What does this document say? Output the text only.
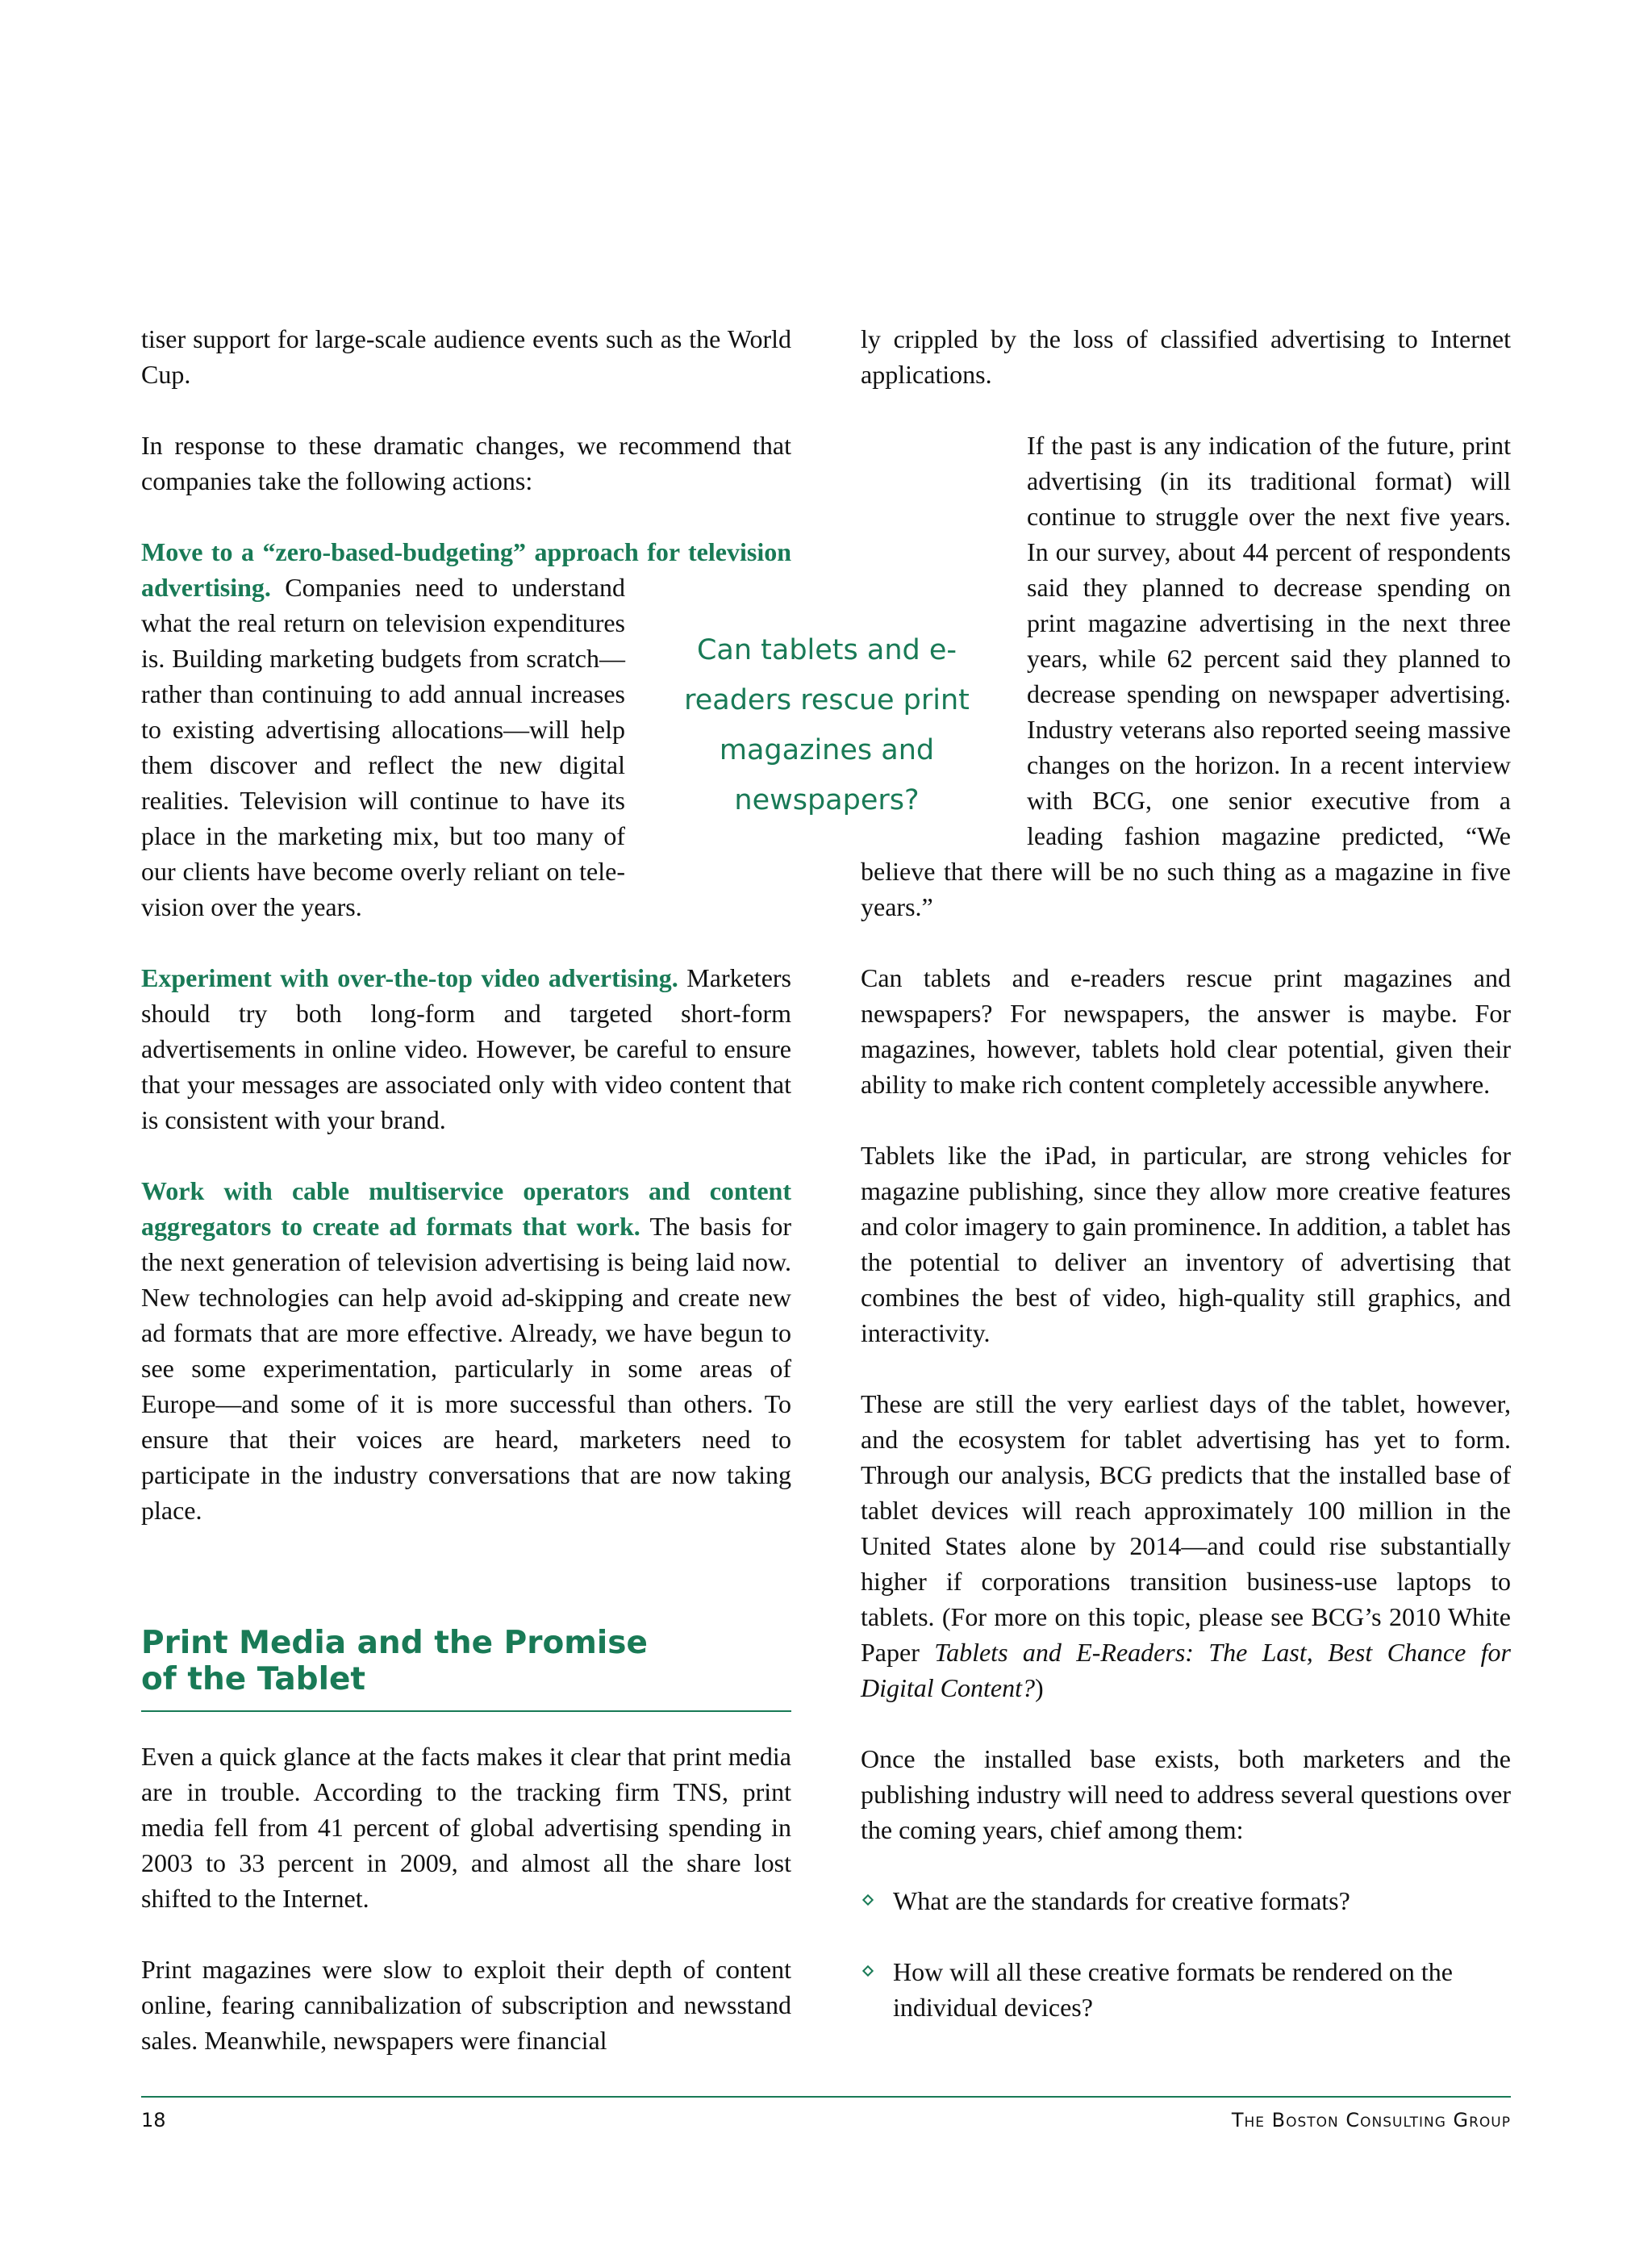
tiser support for large-scale audience events such as the World Cup.

In response to these dramatic changes, we recommend that companies take the following actions:

Move to a “zero-based-budgeting” approach for television advertising.
Companies need to understand what the real return on television expenditures is. Building marketing budgets from scratch—rather than continuing to add annual increases to existing advertising allocations—will help them discover and reflect the new digital realities. Television will continue to have its place in the marketing mix, but too many of our clients have become overly reliant on television over the years.

Experiment with over-the-top video advertising. Marketers should try both long-form and targeted short-form advertisements in online video. However, be careful to ensure that your messages are associated only with video content that is consistent with your brand.

Work with cable multiservice operators and content aggregators to create ad formats that work. The basis for the next generation of television advertising is being laid now. New technologies can help avoid ad-skipping and create new ad formats that are more effective. Already, we have begun to see some experimentation, particularly in some areas of Europe—and some of it is more successful than others. To ensure that their voices are heard, marketers need to participate in the industry conversations that are now taking place.

Can tablets and e-readers rescue print magazines and newspapers?
Print Media and the Promise
of the Tablet

Even a quick glance at the facts makes it clear that print media are in trouble. According to the tracking firm TNS, print media fell from 41 percent of global advertising spending in 2003 to 33 percent in 2009, and almost all the share lost shifted to the Internet.

Print magazines were slow to exploit their depth of content online, fearing cannibalization of subscription and newsstand sales. Meanwhile, newspapers were financial

ly crippled by the loss of classified advertising to Internet applications.

If the past is any indication of the future, print advertising (in its traditional format) will continue to struggle over the next five years. In our survey, about 44 percent of respondents said they planned to decrease spending on print magazine advertising in the next three years, while 62 percent said they planned to decrease spending on newspaper advertising. Industry veterans also reported seeing massive changes on the horizon. In a recent interview with BCG, one senior executive from a leading fashion magazine predicted, “We believe that there will be no such thing as a magazine in five years.”

Can tablets and e-readers rescue print magazines and newspapers? For newspapers, the answer is maybe. For magazines, however, tablets hold clear potential, given their ability to make rich content completely accessible anywhere.

Tablets like the iPad, in particular, are strong vehicles for magazine publishing, since they allow more creative features and color imagery to gain prominence. In addition, a tablet has the potential to deliver an inventory of advertising that combines the best of video, high-quality still graphics, and interactivity.

These are still the very earliest days of the tablet, however, and the ecosystem for tablet advertising has yet to form. Through our analysis, BCG predicts that the installed base of tablet devices will reach approximately 100 million in the United States alone by 2014—and could rise substantially higher if corporations transition business-use laptops to tablets. (For more on this topic, please see BCG’s 2010 White Paper Tablets and E-Readers: The Last, Best Chance for Digital Content?)

Once the installed base exists, both marketers and the publishing industry will need to address several questions over the coming years, chief among them:

What are the standards for creative formats?
How will all these creative formats be rendered on the individual devices?
18	The Boston Consulting Group
